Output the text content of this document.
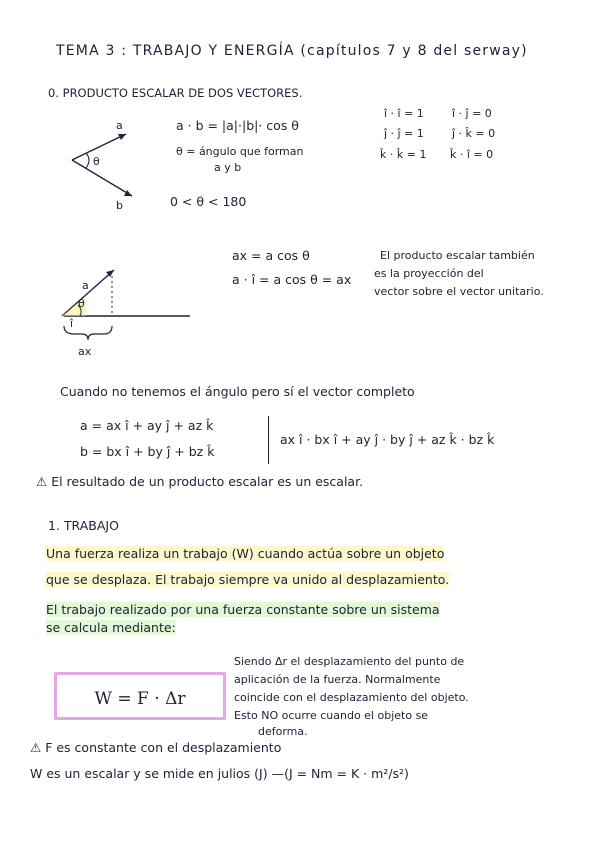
TEMA 3 : TRABAJO Y ENERGÍA (capítulos 7 y 8 del serway)
0. PRODUCTO ESCALAR DE DOS VECTORES.
a · b = |a|·|b|· cos θ
θ = ángulo que forman
a y b
0 < θ < 180
î · î = 1
ĵ · ĵ = 1
k̂ · k̂ = 1
î · ĵ = 0
ĵ · k̂ = 0
k̂ · î = 0
a
b
θ
ax = a cos θ
a · î = a cos θ = ax
El producto escalar también
es la proyección del
vector sobre el vector unitario.
a
θ
î
ax
Cuando no tenemos el ángulo pero sí el vector completo
a = ax î + ay ĵ + az k̂
b = bx î + by ĵ + bz k̂
ax î · bx î + ay ĵ · by ĵ + az k̂ · bz k̂
⚠ El resultado de un producto escalar es un escalar.
1. TRABAJO
Una fuerza realiza un trabajo (W) cuando actúa sobre un objeto
que se desplaza. El trabajo siempre va unido al desplazamiento.
El trabajo realizado por una fuerza constante sobre un sistema
se calcula mediante:
W = F · Δr
Siendo Δr el desplazamiento del punto de
aplicación de la fuerza. Normalmente
coincide con el desplazamiento del objeto.
Esto NO ocurre cuando el objeto se
deforma.
⚠ F es constante con el desplazamiento
W es un escalar y se mide en julios (J) —(J = Nm = K · m²/s²)
